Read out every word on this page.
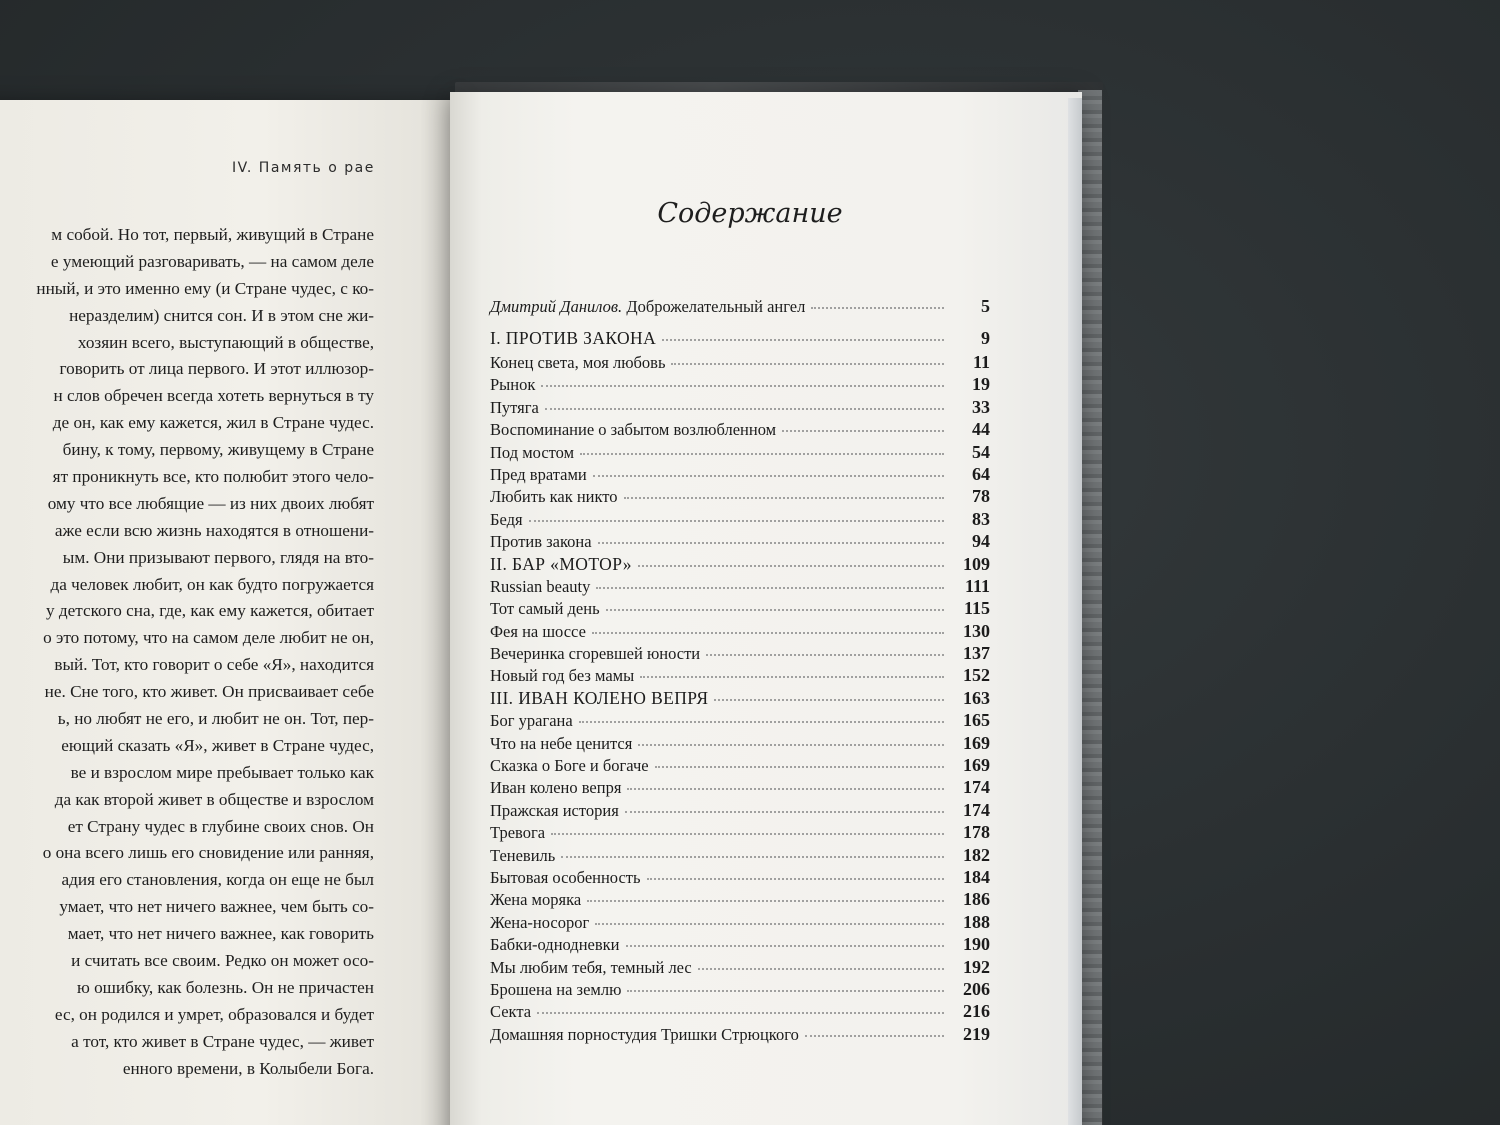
IV. Память о рае
м собой. Но тот, первый, живущий в Стране
е умеющий разговаривать, — на самом деле
нный, и это именно ему (и Стране чудес, с ко-
неразделим) снится сон. И в этом сне жи-
хозяин всего, выступающий в обществе,
говорить от лица первого. И этот иллюзор-
н слов обречен всегда хотеть вернуться в ту
де он, как ему кажется, жил в Стране чудес.
бину, к тому, первому, живущему в Стране
ят проникнуть все, кто полюбит этого чело-
ому что все любящие — из них двоих любят
аже если всю жизнь находятся в отношени-
ым. Они призывают первого, глядя на вто-
да человек любит, он как будто погружается
у детского сна, где, как ему кажется, обитает
о это потому, что на самом деле любит не он,
вый. Тот, кто говорит о себе «Я», находится
не. Сне того, кто живет. Он присваивает себе
ь, но любят не его, и любит не он. Тот, пер-
еющий сказать «Я», живет в Стране чудес,
ве и взрослом мире пребывает только как
да как второй живет в обществе и взрослом
ет Страну чудес в глубине своих снов. Он
о она всего лишь его сновидение или ранняя,
адия его становления, когда он еще не был
умает, что нет ничего важнее, чем быть со-
мает, что нет ничего важнее, как говорить
и считать все своим. Редко он может осо-
ю ошибку, как болезнь. Он не причастен
ес, он родился и умрет, образовался и будет
а тот, кто живет в Стране чудес, — живет
енного времени, в Колыбели Бога.
Содержание
Дмитрий Данилов. Доброжелательный ангел	5
I. ПРОТИВ ЗАКОНА	9
Конец света, моя любовь	11
Рынок	19
Путяга	33
Воспоминание о забытом возлюбленном	44
Под мостом	54
Пред вратами	64
Любить как никто	78
Бедя	83
Против закона	94
II. БАР «МОТОР»	109
Russian beauty	111
Тот самый день	115
Фея на шоссе	130
Вечеринка сгоревшей юности	137
Новый год без мамы	152
III. ИВАН КОЛЕНО ВЕПРЯ	163
Бог урагана	165
Что на небе ценится	169
Сказка о Боге и богаче	169
Иван колено вепря	174
Пражская история	174
Тревога	178
Теневиль	182
Бытовая особенность	184
Жена моряка	186
Жена-носорог	188
Бабки-однодневки	190
Мы любим тебя, темный лес	192
Брошена на землю	206
Секта	216
Домашняя порностудия Тришки Стрюцкого	219
